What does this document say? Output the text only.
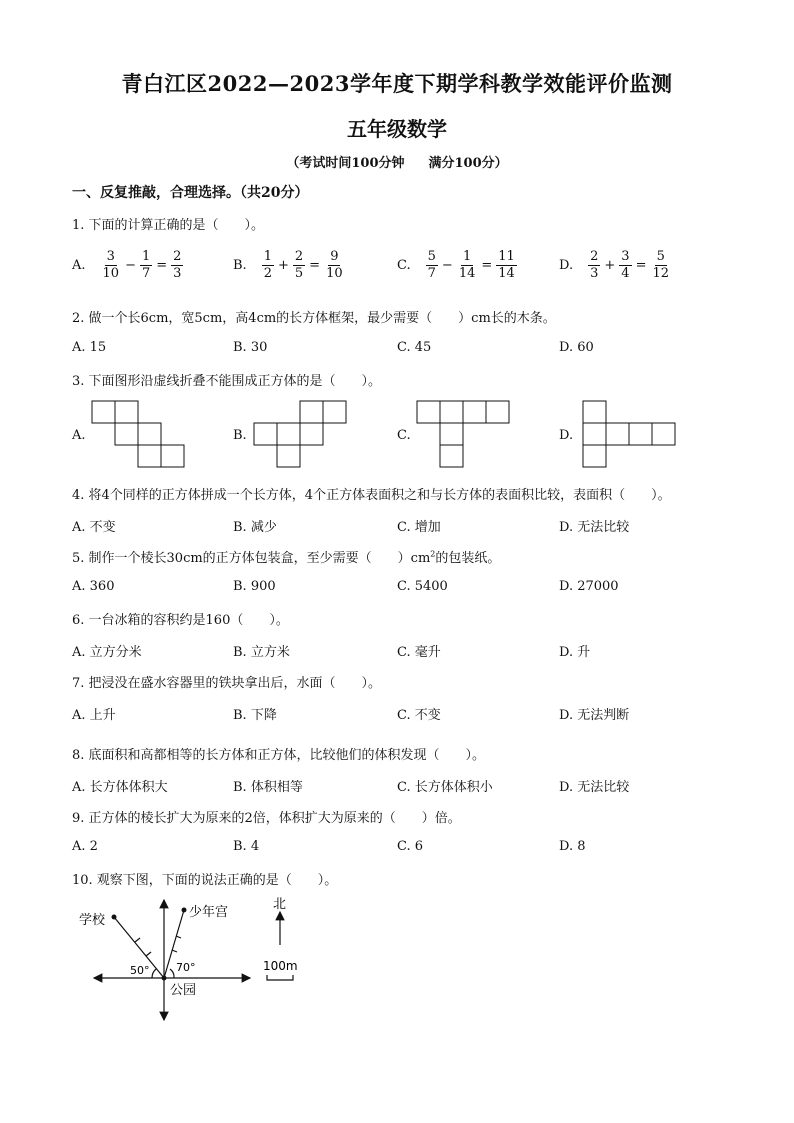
青白江区2022—2023学年度下期学科教学效能评价监测
五年级数学
（考试时间100分钟 满分100分）
一、反复推敲，合理选择。（共20分）
1. 下面的计算正确的是（　　）。
A. $\frac{3}{10} - \frac{1}{7} = \frac{2}{3}$	B. $\frac{1}{2} + \frac{2}{5} = \frac{9}{10}$	C. $\frac{5}{7} - \frac{1}{14} = \frac{11}{14}$	D. $\frac{2}{3} + \frac{3}{4} = \frac{5}{12}$
2. 做一个长6cm，宽5cm，高4cm的长方体框架，最少需要（　　）cm长的木条。
A. 15	B. 30	C. 45	D. 60
3. 下面图形沿虚线折叠不能围成正方体的是（　　）。
A.	B.	C.	D.
4. 将4个同样的正方体拼成一个长方体，4个正方体表面积之和与长方体的表面积比较，表面积（　　）。
A. 不变	B. 减少	C. 增加	D. 无法比较
5. 制作一个棱长30cm的正方体包装盒，至少需要（　　）$cm^2$的包装纸。
A. 360	B. 900	C. 5400	D. 27000
6. 一台冰箱的容积约是160（　　）。
A. 立方分米	B. 立方米	C. 毫升	D. 升
7. 把浸没在盛水容器里的铁块拿出后，水面（　　）。
A. 上升	B. 下降	C. 不变	D. 无法判断
8. 底面积和高都相等的长方体和正方体，比较他们的体积发现（　　）。
A. 长方体体积大	B. 体积相等	C. 长方体体积小	D. 无法比较
9. 正方体的棱长扩大为原来的2倍，体积扩大为原来的（　　）倍。
A. 2	B. 4	C. 6	D. 8
10. 观察下图，下面的说法正确的是（　　）。
学校
少年宫
公园
50° 70°
北
100m
